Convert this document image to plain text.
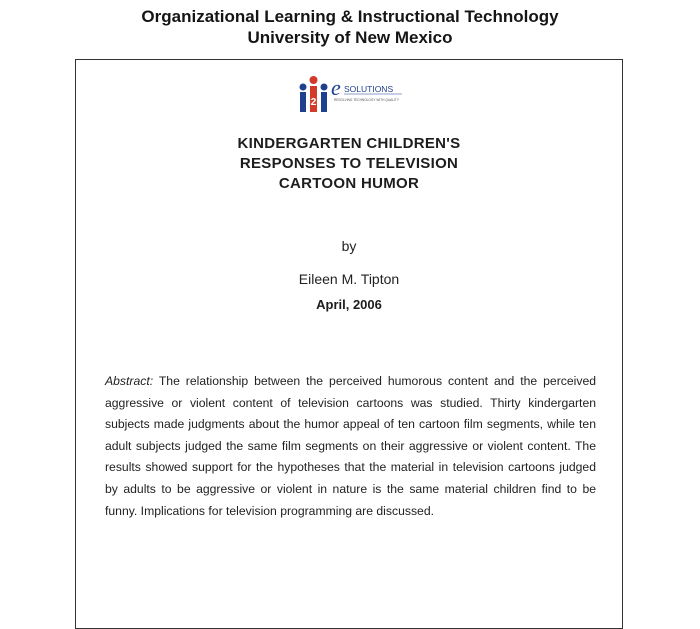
Organizational Learning & Instructional Technology
University of New Mexico
i2i
e SOLUTIONS
RESOLVING TECHNOLOGY WITH QUALITY
KINDERGARTEN CHILDREN'S
RESPONSES TO TELEVISION
CARTOON HUMOR
by
Eileen M. Tipton
April, 2006
Abstract: The relationship between the perceived humorous content and the perceived aggressive or violent content of television cartoons was studied. Thirty kindergarten subjects made judgments about the humor appeal of ten cartoon film segments, while ten adult subjects judged the same film segments on their aggressive or violent content. The results showed support for the hypotheses that the material in television cartoons judged by adults to be aggressive or violent in nature is the same material children find to be funny. Implications for television programming are discussed.
